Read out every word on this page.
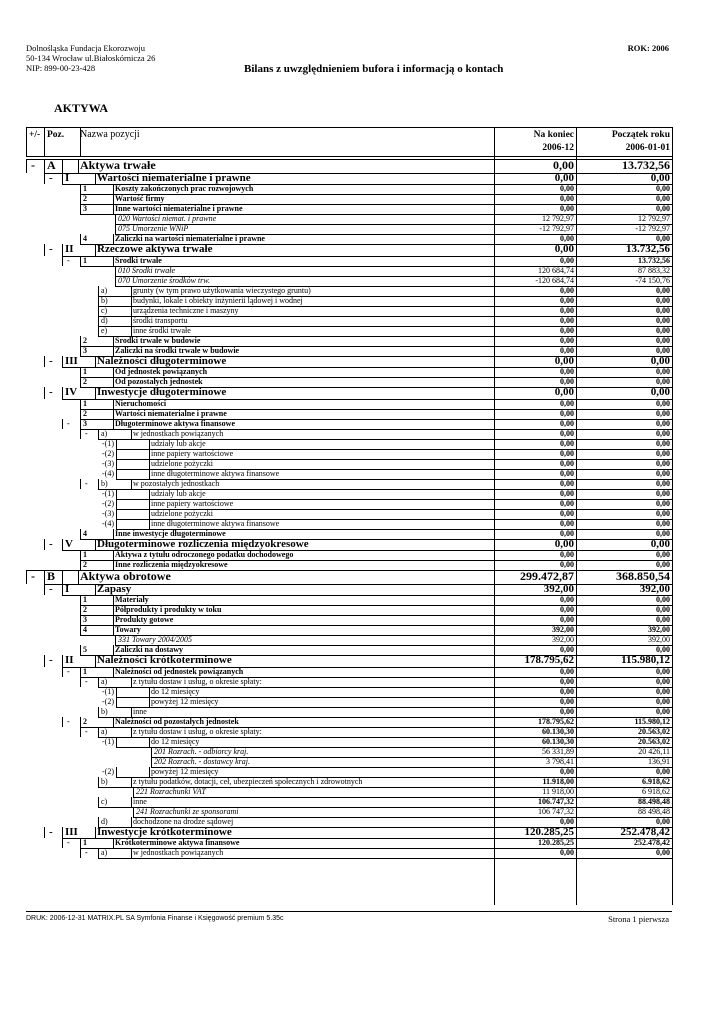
Dolnośląska Fundacja Ekorozwoju
50-134 Wrocław ul.Białoskórnicza 26
NIP: 899-00-23-428
ROK: 2006
Bilans z uwzględnieniem bufora i informacją o kontach
AKTYWA
+/- Poz. Nazwa pozycji	Na koniec
2006-12
Początek roku
2006-01-01
- A Aktywa trwałe	0,00	13.732,56
- I	Wartości niematerialne i prawne	0,00	0,00
1	Koszty zakończonych prac rozwojowych	0,00	0,00
2	Wartość firmy	0,00	0,00
3	Inne wartości niematerialne i prawne	0,00	0,00
020 Wartości niemat. i prawne	12 792,97	12 792,97
075 Umorzenie WNiP	-12 792,97	-12 792,97
4	Zaliczki na wartości niematerialne i prawne	0,00	0,00
- II Rzeczowe aktywa trwałe	0,00	13.732,56
- 1	Środki trwałe	0,00	13.732,56
010 Środki trwałe	120 684,74	87 883,32
070 Umorzenie środków trw.	-120 684,74	-74 150,76
a)	grunty (w tym prawo użytkowania wieczystego gruntu)	0,00	0,00
b)	budynki, lokale i obiekty inżynierii lądowej i wodnej	0,00	0,00
c)	urządzenia techniczne i maszyny	0,00	0,00
d)	środki transportu	0,00	0,00
e)	inne środki trwałe	0,00	0,00
2	Środki trwałe w budowie	0,00	0,00
3	Zaliczki na środki trwałe w budowie	0,00	0,00
- III Należności długoterminowe	0,00	0,00
1	Od jednostek powiązanych	0,00	0,00
2	Od pozostałych jednostek	0,00	0,00
- IV Inwestycje długoterminowe	0,00	0,00
1	Nieruchomości	0,00	0,00
2	Wartości niematerialne i prawne	0,00	0,00
- 3	Długoterminowe aktywa finansowe	0,00	0,00
- a)	w jednostkach powiązanych	0,00	0,00
-(1)	udziały lub akcje	0,00	0,00
-(2)	inne papiery wartościowe	0,00	0,00
-(3)	udzielone pożyczki	0,00	0,00
-(4)	inne długoterminowe aktywa finansowe	0,00	0,00
- b)	w pozostałych jednostkach	0,00	0,00
-(1)	udziały lub akcje	0,00	0,00
-(2)	inne papiery wartościowe	0,00	0,00
-(3)	udzielone pożyczki	0,00	0,00
-(4)	inne długoterminowe aktywa finansowe	0,00	0,00
4	Inne inwestycje długoterminowe	0,00	0,00
- V Długoterminowe rozliczenia międzyokresowe	0,00	0,00
1	Aktywa z tytułu odroczonego podatku dochodowego	0,00	0,00
2	Inne rozliczenia międzyokresowe	0,00	0,00
- B Aktywa obrotowe	299.472,87	368.850,54
- I	Zapasy	392,00	392,00
1	Materiały	0,00	0,00
2	Półprodukty i produkty w toku	0,00	0,00
3	Produkty gotowe	0,00	0,00
4	Towary	392,00	392,00
331 Towary 2004/2005	392,00	392,00
5	Zaliczki na dostawy	0,00	0,00
- II Należności krótkoterminowe	178.795,62	115.980,12
- 1	Należności od jednostek powiązanych	0,00	0,00
- a)	z tytułu dostaw i usług, o okresie spłaty:	0,00	0,00
-(1)	do 12 miesięcy	0,00	0,00
-(2)	powyżej 12 miesięcy	0,00	0,00
b)	inne	0,00	0,00
- 2	Należności od pozostałych jednostek	178.795,62	115.980,12
- a)	z tytułu dostaw i usług, o okresie spłaty:	60.130,30	20.563,02
-(1)	do 12 miesięcy	60.130,30	20.563,02
201 Rozrach. - odbiorcy kraj.	56 331,89	20 426,11
202 Rozrach. - dostawcy kraj.	3 798,41	136,91
-(2)	powyżej 12 miesięcy	0,00	0,00
b)	z tytułu podatków, dotacji, ceł, ubezpieczeń społecznych i zdrowotnych	11.918,00	6.918,62
221 Rozrachunki VAT	11 918,00	6 918,62
c)	inne	106.747,32	88.498,48
241 Rozrachunki ze sponsorami	106 747,32	88 498,48
d)	dochodzone na drodze sądowej	0,00	0,00
- III Inwestycje krótkoterminowe	120.285,25	252.478,42
- 1	Krótkoterminowe aktywa finansowe	120.285,25	252.478,42
- a)	w jednostkach powiązanych	0,00	0,00
DRUK: 2006-12-31 MATRIX.PL SA Symfonia Finanse i Księgowość premium 5.35c	Strona 1 pierwsza
